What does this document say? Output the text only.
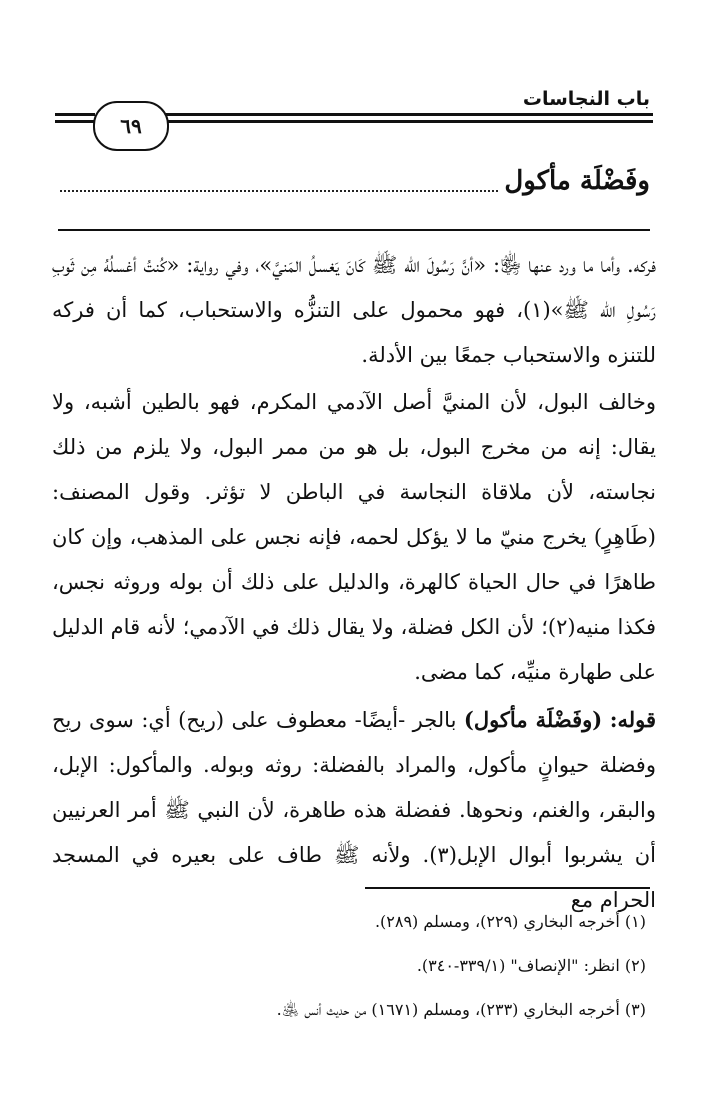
باب النجاسات
٦٩
وفَضْلَة مأكول

فركه. وأما ما ورد عنها ﵂: «أنَّ رَسُولَ الله ﷺ كَانَ يَغسلُ المَنيَّ»، وفي رواية: «كُنتُ أغسلُهُ مِن ثَوبِ رَسُولِ الله ﷺ»(١)، فهو محمول على التنزُّه والاستحباب، كما أن فركه للتنزه والاستحباب جمعًا بين الأدلة.

وخالف البول، لأن المنيَّ أصل الآدمي المكرم، فهو بالطين أشبه، ولا يقال: إنه من مخرج البول، بل هو من ممر البول، ولا يلزم من ذلك نجاسته، لأن ملاقاة النجاسة في الباطن لا تؤثر. وقول المصنف: (طَاهِرٍ) يخرج منيّ ما لا يؤكل لحمه، فإنه نجس على المذهب، وإن كان طاهرًا في حال الحياة كالهرة، والدليل على ذلك أن بوله وروثه نجس، فكذا منيه(٢)؛ لأن الكل فضلة، ولا يقال ذلك في الآدمي؛ لأنه قام الدليل على طهارة منيِّه، كما مضى.

قوله: (وفَضْلَة مأكول) بالجر -أيضًا- معطوف على (ريح) أي: سوى ريح وفضلة حيوانٍ مأكول، والمراد بالفضلة: روثه وبوله. والمأكول: الإبل، والبقر، والغنم، ونحوها. ففضلة هذه طاهرة، لأن النبي ﷺ أمر العرنيين أن يشربوا أبوال الإبل(٣). ولأنه ﷺ طاف على بعيره في المسجد الحرام مع

(١) أخرجه البخاري (٢٢٩)، ومسلم (٢٨٩).
(٢) انظر: "الإنصاف" (٣٣٩/١-٣٤٠).
(٣) أخرجه البخاري (٢٣٣)، ومسلم (١٦٧١) من حديث أنس ﵁.
